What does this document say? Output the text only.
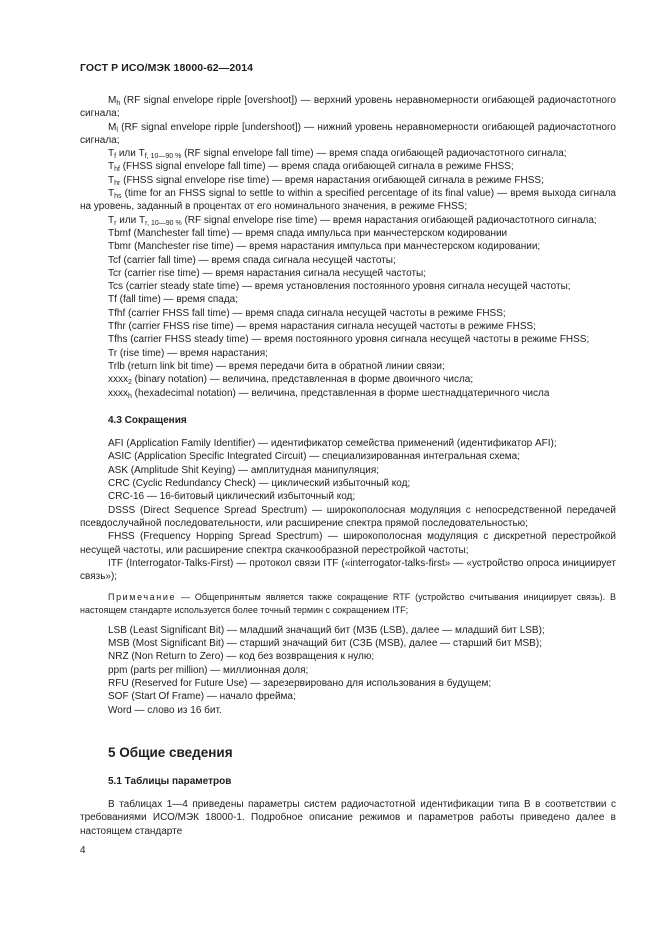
ГОСТ Р ИСО/МЭК 18000-62—2014

$M_h$ (RF signal envelope ripple [overshoot]) — верхний уровень неравномерности огибающей радиочастотного сигнала;

$M_l$ (RF signal envelope ripple [undershoot]) — нижний уровень неравномерности огибающей радиочастотного сигнала;

$T_f$ или $T_{f, 10—90 \%}$ (RF signal envelope fall time) — время спада огибающей радиочастотного сигнала;

$T_{hf}$ (FHSS signal envelope fall time) — время спада огибающей сигнала в режиме FHSS;

$T_{hr}$ (FHSS signal envelope rise time) — время нарастания огибающей сигнала в режиме FHSS;

$T_{hs}$ (time for an FHSS signal to settle to within a specified percentage of its final value) — время выхода сигнала на уровень, заданный в процентах от его номинального значения, в режиме FHSS;

$T_r$ или $T_{r, 10—90 \%}$ (RF signal envelope rise time) — время нарастания огибающей радиочастотного сигнала;

Tbmf (Manchester fall time) — время спада импульса при манчестерском кодировании

Tbmr (Manchester rise time) — время нарастания импульса при манчестерском кодировании;

Tcf (carrier fall time) — время спада сигнала несущей частоты;

Tcr (carrier rise time) — время нарастания сигнала несущей частоты;

Tcs (carrier steady state time) — время установления постоянного уровня сигнала несущей частоты;

Tf (fall time) — время спада;

Tfhf (carrier FHSS fall time) — время спада сигнала несущей частоты в режиме FHSS;

Tfhr (carrier FHSS rise time) — время нарастания сигнала несущей частоты в режиме FHSS;

Tfhs (carrier FHSS steady time) — время постоянного уровня сигнала несущей частоты в режиме FHSS;

Tr (rise time) — время нарастания;

Trlb (return link bit time) — время передачи бита в обратной линии связи;

xxxx$_2$ (binary notation) — величина, представленная в форме двоичного числа;

xxxx$_h$ (hexadecimal notation) — величина, представленная в форме шестнадцатеричного числа

4.3 Сокращения

AFI (Application Family Identifier) — идентификатор семейства применений (идентификатор AFI);

ASIC (Application Specific Integrated Circuit) — специализированная интегральная схема;

ASK (Amplitude Shit Keying) — амплитудная манипуляция;

CRC (Cyclic Redundancy Check) — циклический избыточный код;

CRC-16 — 16-битовый циклический избыточный код;

DSSS (Direct Sequence Spread Spectrum) — широкополосная модуляция с непосредственной передачей псевдослучайной последовательности, или расширение спектра прямой последовательностью;

FHSS (Frequency Hopping Spread Spectrum) — широкополосная модуляция с дискретной перестройкой несущей частоты, или расширение спектра скачкообразной перестройкой частоты;

ITF (Interrogator-Talks-First) — протокол связи ITF («interrogator-talks-first» — «устройство опроса инициирует связь»);

Примечание — Общепринятым является также сокращение RTF (устройство считывания инициирует связь). В настоящем стандарте используется более точный термин с сокращением ITF;

LSB (Least Significant Bit) — младший значащий бит (МЗБ (LSB), далее — младший бит LSB);

MSB (Most Significant Bit) — старший значащий бит (СЗБ (MSB), далее — старший бит MSB);

NRZ (Non Return to Zero) — код без возвращения к нулю;

ppm (parts per million) — миллионная доля;

RFU (Reserved for Future Use) — зарезервировано для использования в будущем;

SOF (Start Of Frame) — начало фрейма;

Word — слово из 16 бит.

5 Общие сведения

5.1 Таблицы параметров

В таблицах 1—4 приведены параметры систем радиочастотной идентификации типа В в соответствии с требованиями ИСО/МЭК 18000-1. Подробное описание режимов и параметров работы приведено далее в настоящем стандарте

4
